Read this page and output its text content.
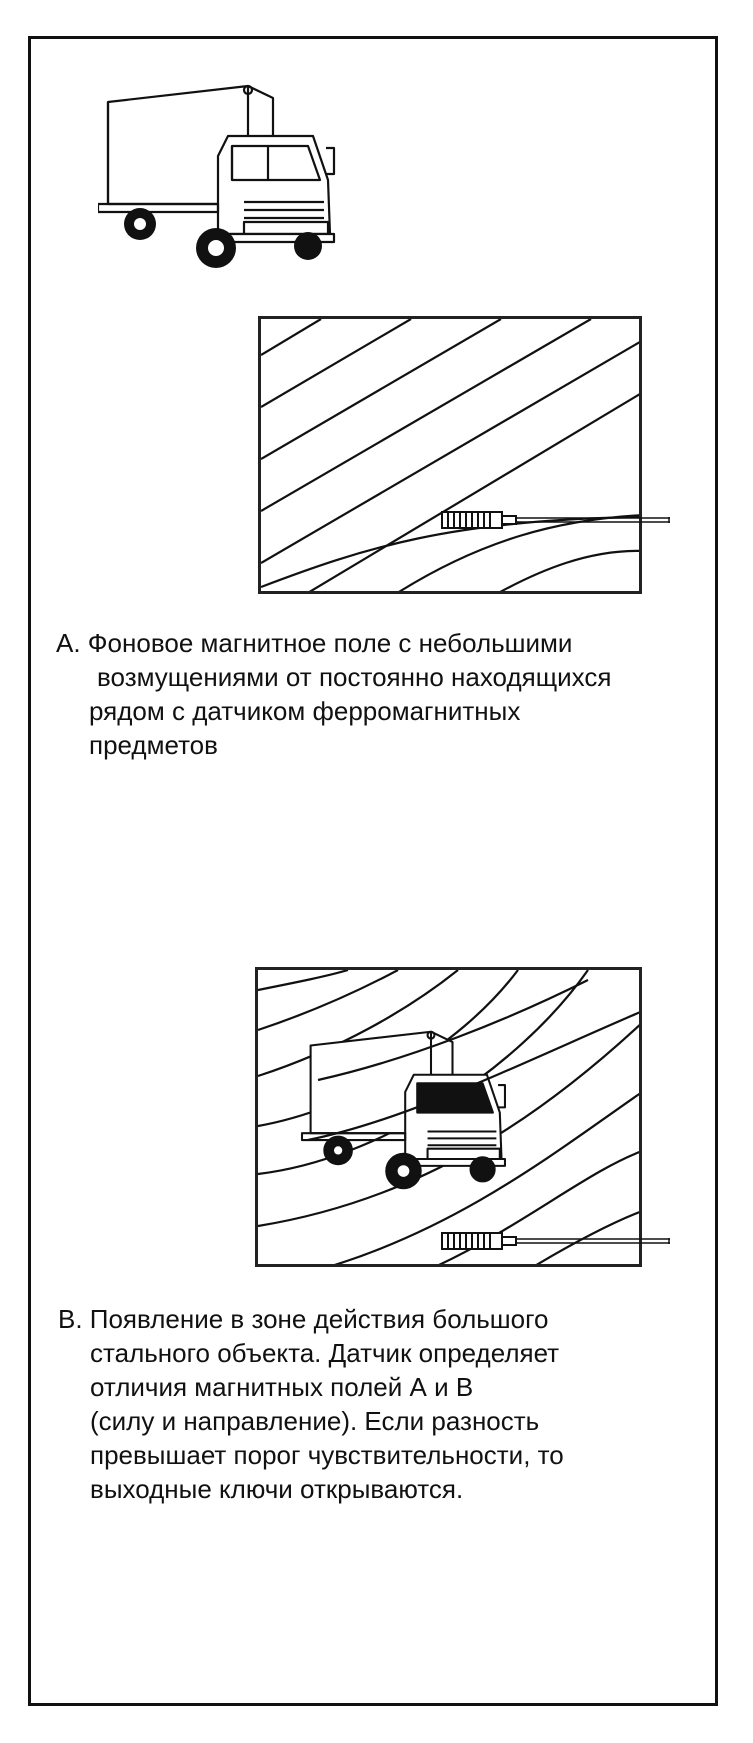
А. Фоновое магнитное поле с небольшими
возмущениями от постоянно находящихся
рядом с датчиком ферромагнитных
предметов
В. Появление в зоне действия большого
стального объекта. Датчик определяет
отличия магнитных полей А и В
(силу и направление). Если разность
превышает порог чувствительности, то
выходные ключи открываются.
